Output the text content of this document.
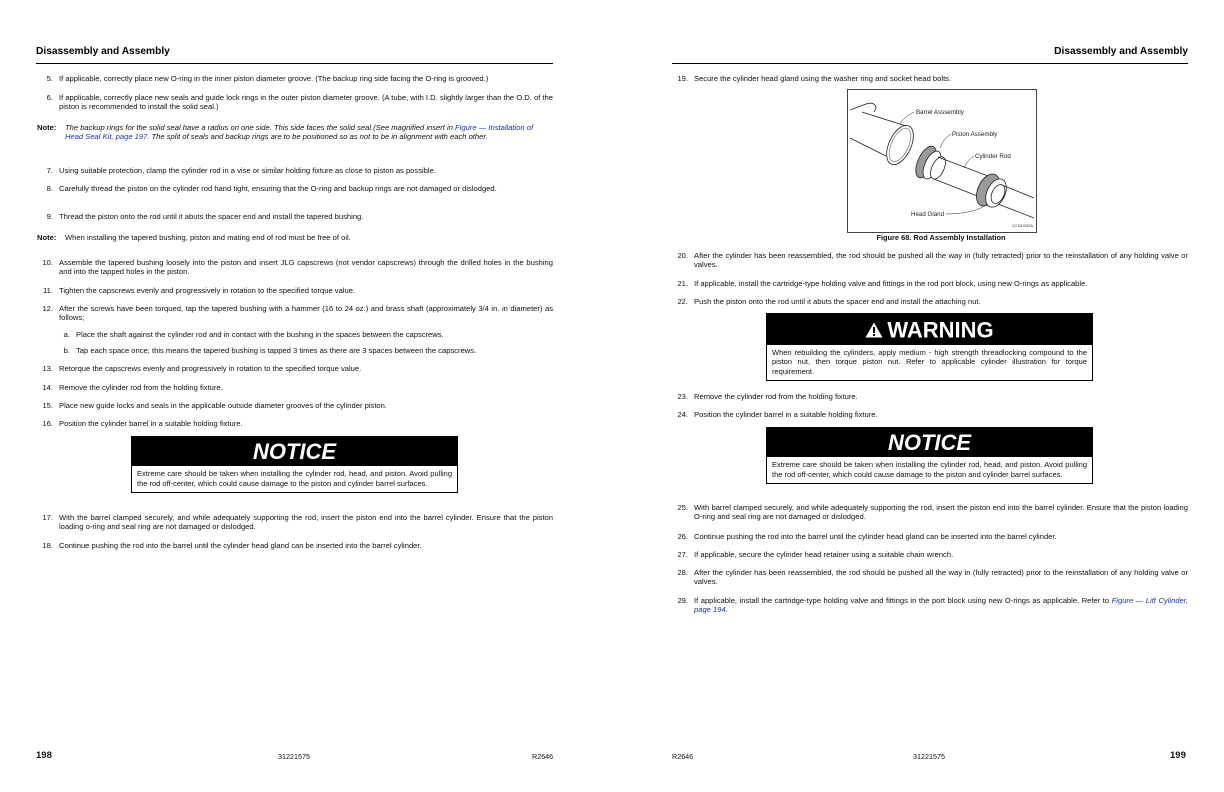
Disassembly and Assembly
5. If applicable, correctly place new O-ring in the inner piston diameter groove. (The backup ring side facing the O-ring is grooved.)
6. If applicable, correctly place new seals and guide lock rings in the outer piston diameter groove. (A tube, with I.D. slightly larger than the O.D. of the piston is recommended to install the solid seal.)
Note:	The backup rings for the solid seal have a radius on one side. This side faces the solid seal.(See magnified insert in Figure — Installation of Head Seal Kit, page 197. The split of seals and backup rings are to be positioned so as not to be in alignment with each other.
7. Using suitable protection, clamp the cylinder rod in a vise or similar holding fixture as close to piston as possible.
8. Carefully thread the piston on the cylinder rod hand tight, ensuring that the O-ring and backup rings are not damaged or dislodged.
9. Thread the piston onto the rod until it abuts the spacer end and install the tapered bushing.
Note:	When installing the tapered bushing, piston and mating end of rod must be free of oil.
10. Assemble the tapered bushing loosely into the piston and insert JLG capscrews (not vendor capscrews) through the drilled holes in the bushing and into the tapped holes in the piston.
11. Tighten the capscrews evenly and progressively in rotation to the specified torque value.
12. After the screws have been torqued, tap the tapered bushing with a hammer (16 to 24 oz.) and brass shaft (approximately 3/4 in. in diameter) as follows;
a. Place the shaft against the cylinder rod and in contact with the bushing in the spaces between the capscrews.
b. Tap each space once; this means the tapered bushing is tapped 3 times as there are 3 spaces between the capscrews.
13. Retorque the capscrews evenly and progressively in rotation to the specified torque value.
14. Remove the cylinder rod from the holding fixture.
15. Place new guide locks and seals in the applicable outside diameter grooves of the cylinder piston.
16. Position the cylinder barrel in a suitable holding fixture.
NOTICE
Extreme care should be taken when installing the cylinder rod, head, and piston. Avoid pulling the rod off-center, which could cause damage to the piston and cylinder barrel surfaces.
17. With the barrel clamped securely, and while adequately supporting the rod, insert the piston end into the barrel cylinder. Ensure that the piston loading o-ring and seal ring are not damaged or dislodged.
18. Continue pushing the rod into the barrel until the cylinder head gland can be inserted into the barrel cylinder.
198	31221575	R2646
Disassembly and Assembly
19. Secure the cylinder head gland using the washer ring and socket head bolts.
Barrel Asssembly
Piston Assembly
Cylinder Rod
Head Gland
1C100330A
Figure 68. Rod Assembly Installation
20. After the cylinder has been reassembled, the rod should be pushed all the way in (fully retracted) prior to the reinstallation of any holding valve or valves.
21. If applicable, install the cartridge-type holding valve and fittings in the rod port block, using new O-rings as applicable.
22. Push the piston onto the rod until it abuts the spacer end and install the attaching nut.
WARNING
When rebuilding the cylinders, apply medium - high strength threadlocking compound to the piston nut, then torque piston nut. Refer to applicable cylinder illustration for torque requirement.
23. Remove the cylinder rod from the holding fixture.
24. Position the cylinder barrel in a suitable holding fixture.
NOTICE
Extreme care should be taken when installing the cylinder rod, head, and piston. Avoid pulling the rod off-center, which could cause damage to the piston and cylinder barrel surfaces.
25. With barrel clamped securely, and while adequately supporting the rod, insert the piston end into the barrel cylinder. Ensure that the piston loading O-ring and seal ring are not damaged or dislodged.
26. Continue pushing the rod into the barrel until the cylinder head gland can be inserted into the barrel cylinder.
27. If applicable, secure the cylinder head retainer using a suitable chain wrench.
28. After the cylinder has been reassembled, the rod should be pushed all the way in (fully retracted) prior to the reinstallation of any holding valve or valves.
29. If applicable, install the cartridge-type holding valve and fittings in the port block using new O-rings as applicable. Refer to Figure — Lift Cylinder, page 194.
R2646	31221575	199
